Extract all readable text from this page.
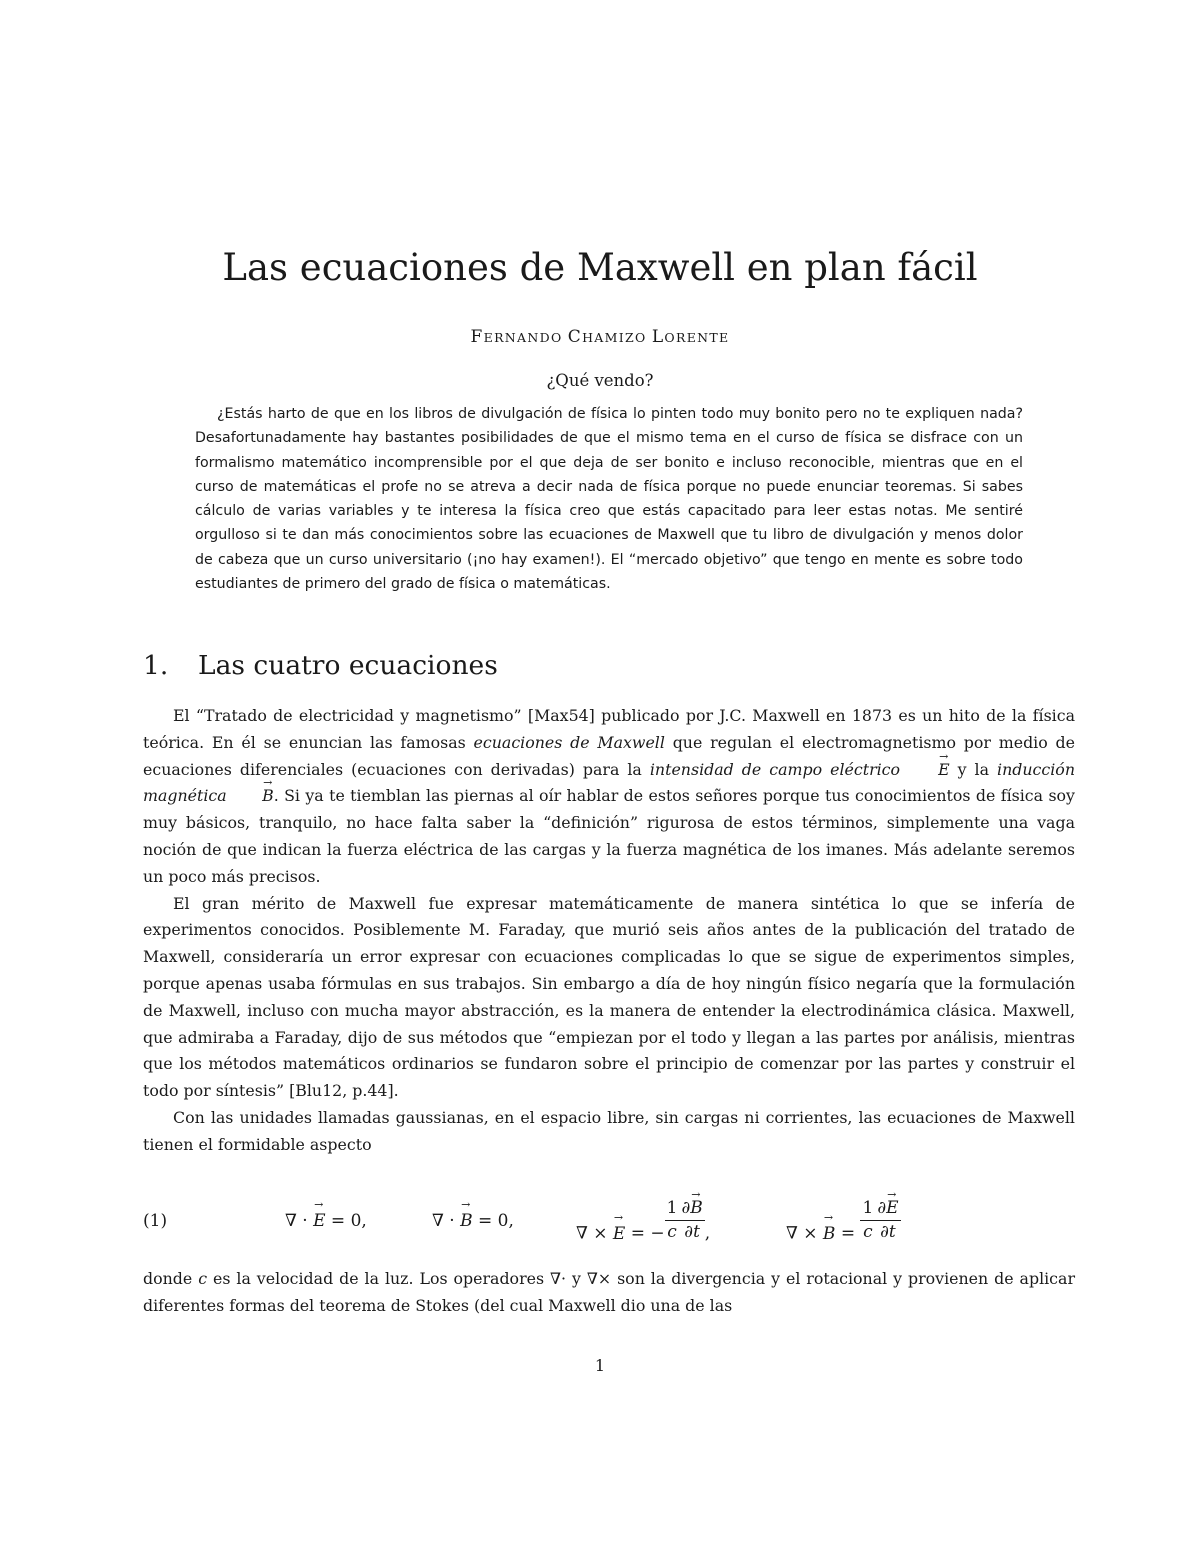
Las ecuaciones de Maxwell en plan fácil

FERNANDO CHAMIZO LORENTE

¿Qué vendo?

¿Estás harto de que en los libros de divulgación de física lo pinten todo muy bonito pero no te expliquen nada? Desafortunadamente hay bastantes posibilidades de que el mismo tema en el curso de física se disfrace con un formalismo matemático incomprensible por el que deja de ser bonito e incluso reconocible, mientras que en el curso de matemáticas el profe no se atreva a decir nada de física porque no puede enunciar teoremas. Si sabes cálculo de varias variables y te interesa la física creo que estás capacitado para leer estas notas. Me sentiré orgulloso si te dan más conocimientos sobre las ecuaciones de Maxwell que tu libro de divulgación y menos dolor de cabeza que un curso universitario (¡no hay examen!). El “mercado objetivo” que tengo en mente es sobre todo estudiantes de primero del grado de física o matemáticas.

1. Las cuatro ecuaciones

El “Tratado de electricidad y magnetismo” [Max54] publicado por J.C. Maxwell en 1873 es un hito de la física teórica. En él se enuncian las famosas ecuaciones de Maxwell que regulan el electromagnetismo por medio de ecuaciones diferenciales (ecuaciones con derivadas) para la intensidad de campo eléctrico → E y la inducción magnética → B. Si ya te tiemblan las piernas al oír hablar de estos señores porque tus conocimientos de física soy muy básicos, tranquilo, no hace falta saber la “definición” rigurosa de estos términos, simplemente una vaga noción de que indican la fuerza eléctrica de las cargas y la fuerza magnética de los imanes. Más adelante seremos un poco más precisos.

El gran mérito de Maxwell fue expresar matemáticamente de manera sintética lo que se infería de experimentos conocidos. Posiblemente M. Faraday, que murió seis años antes de la publicación del tratado de Maxwell, consideraría un error expresar con ecuaciones complicadas lo que se sigue de experimentos simples, porque apenas usaba fórmulas en sus trabajos. Sin embargo a día de hoy ningún físico negaría que la formulación de Maxwell, incluso con mucha mayor abstracción, es la manera de entender la electrodinámica clásica. Maxwell, que admiraba a Faraday, dijo de sus métodos que “empiezan por el todo y llegan a las partes por análisis, mientras que los métodos matemáticos ordinarios se fundaron sobre el principio de comenzar por las partes y construir el todo por síntesis” [Blu12, p.44].

Con las unidades llamadas gaussianas, en el espacio libre, sin cargas ni corrientes, las ecuaciones de Maxwell tienen el formidable aspecto

(1)	∇ · → E = 0,	∇ · → B = 0,
∇ × → E = − $\frac{1}{c} \frac{\partial\to B}{\partial t}$ ,	∇ × → $B = \frac{1}{c} \frac{\partial\to E}{\partial t}$

donde c es la velocidad de la luz. Los operadores ∇· y ∇× son la divergencia y el rotacional y provienen de aplicar diferentes formas del teorema de Stokes (del cual Maxwell dio una de las

1
